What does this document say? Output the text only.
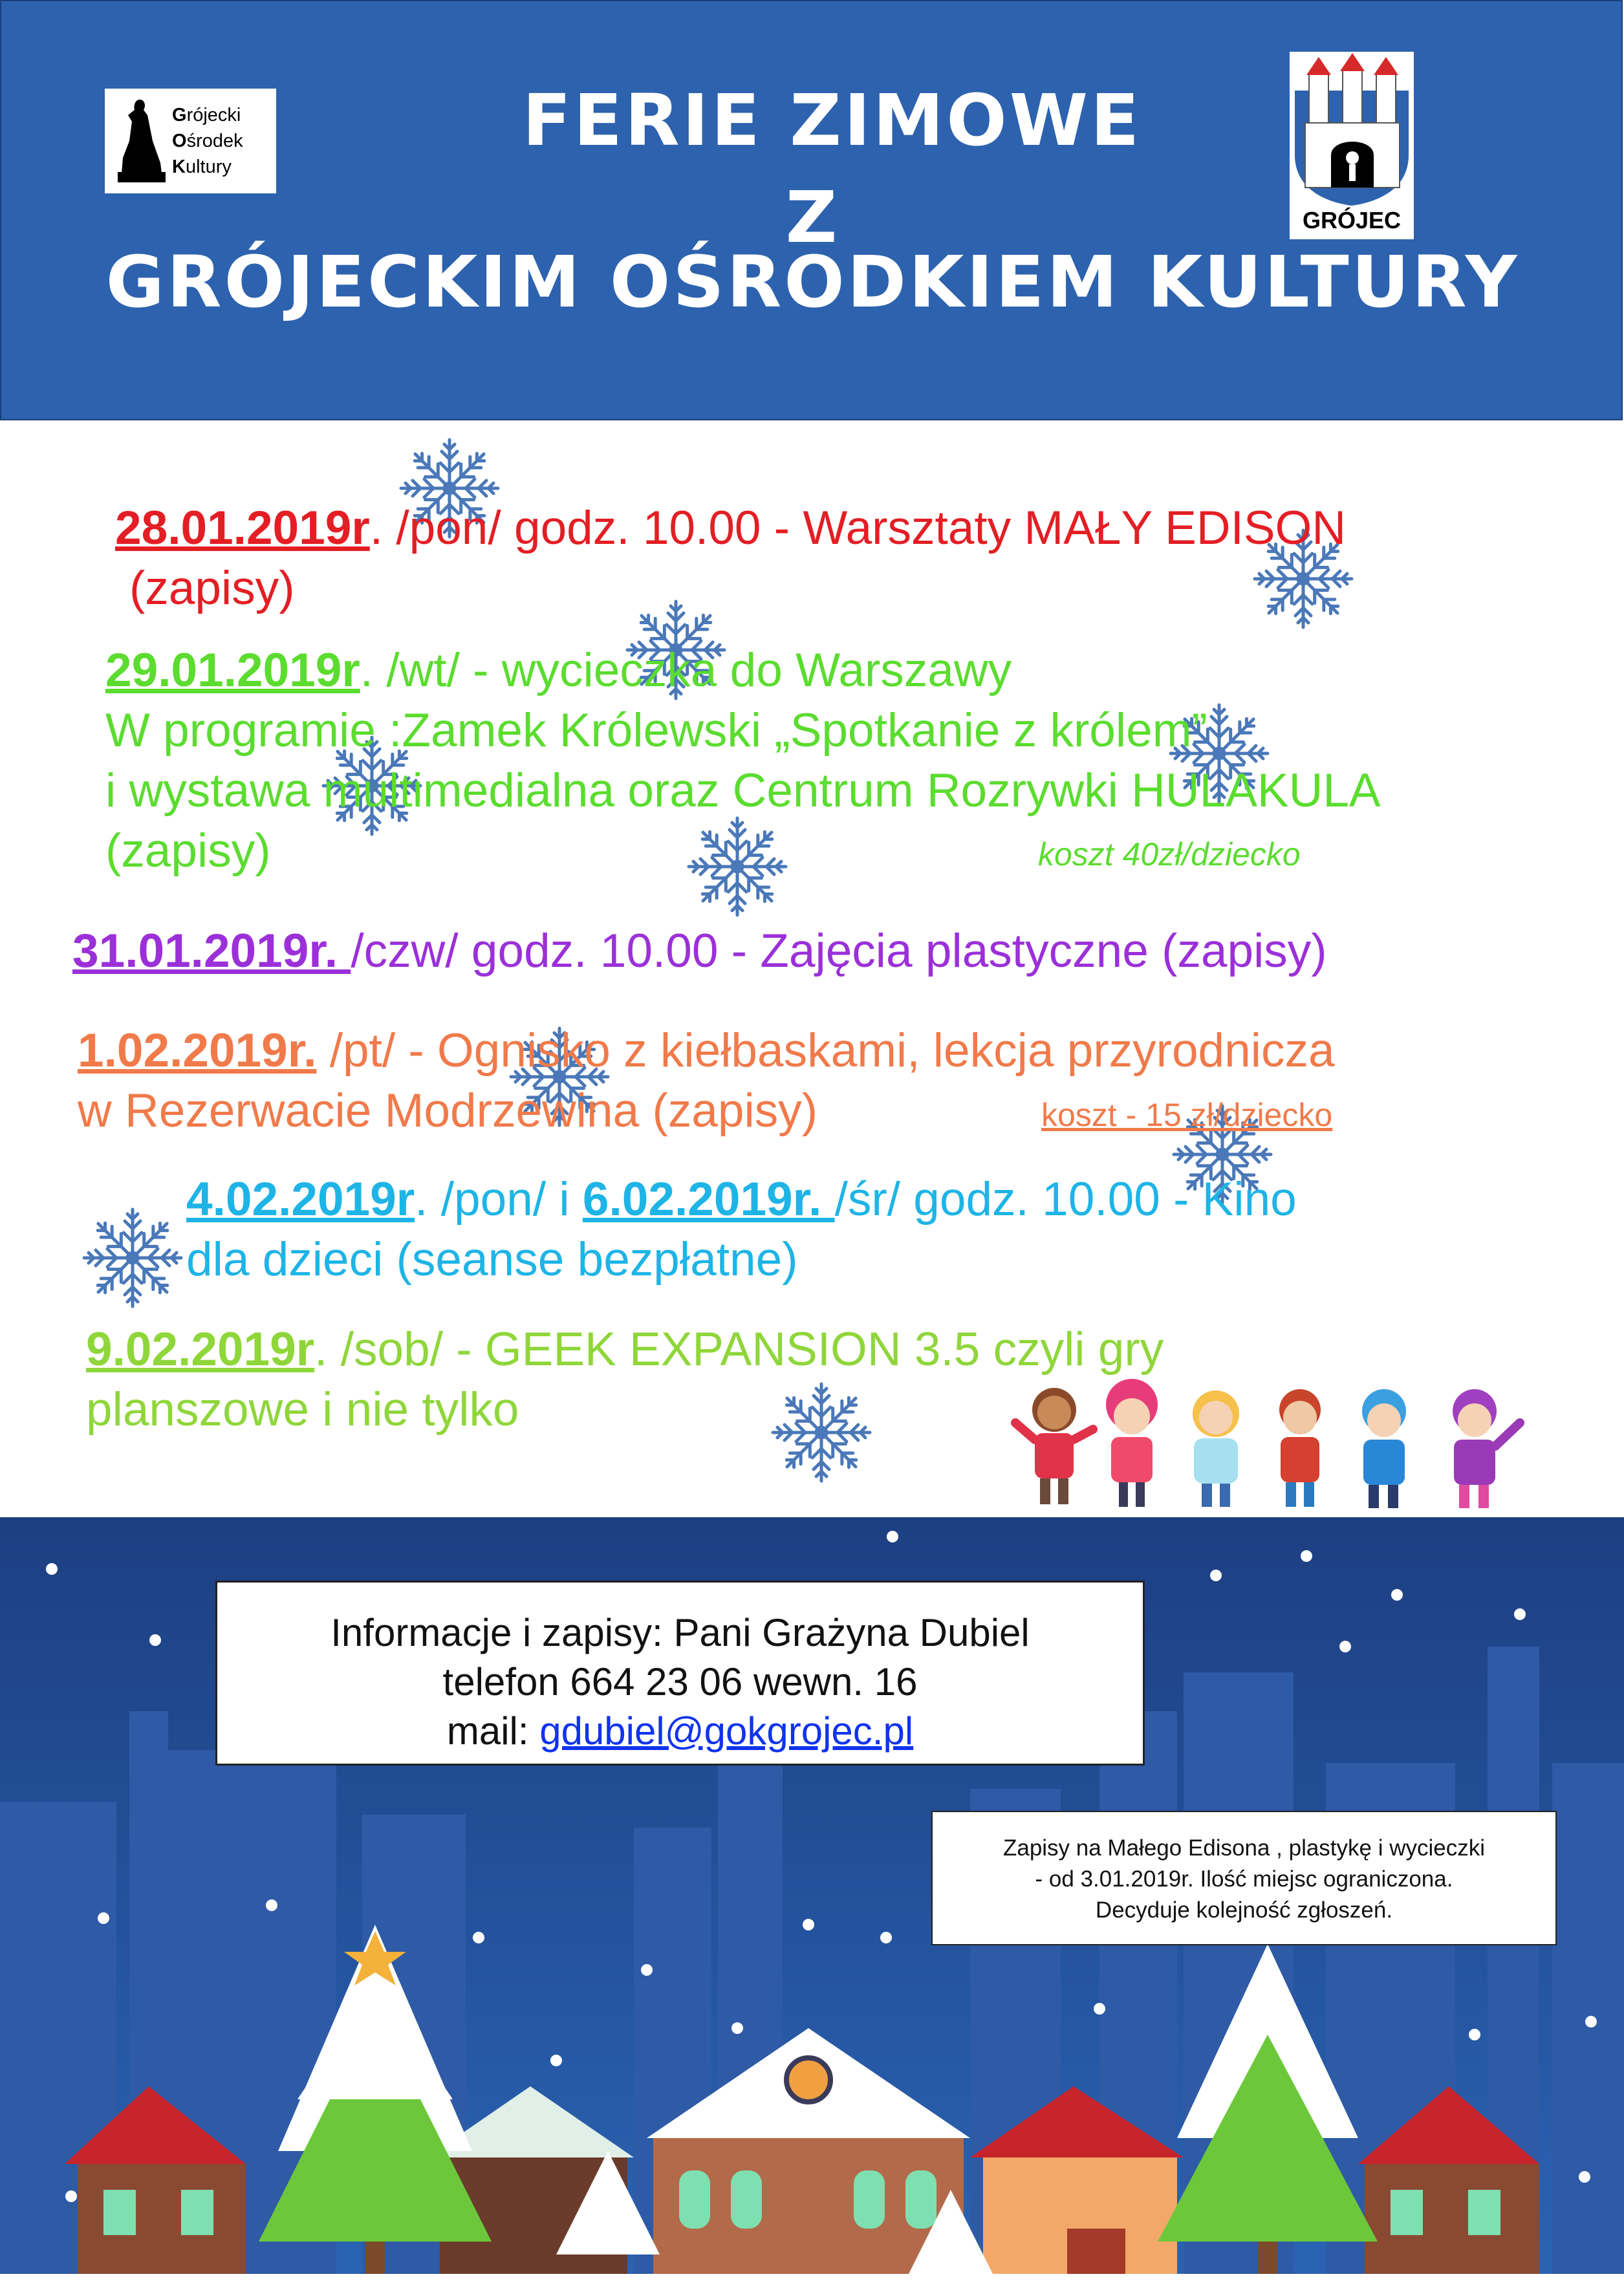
Grójecki
Ośrodek
Kultury
FERIE ZIMOWE
Z
GRÓJECKIM OŚRODKIEM KULTURY
GRÓJEC
28.01.2019r. /pon/ godz. 10.00 - Warsztaty MAŁY EDISON
(zapisy)
29.01.2019r. /wt/ - wycieczka do Warszawy
W programie :Zamek Królewski „Spotkanie z królem”
i wystawa multimedialna oraz Centrum Rozrywki HULAKULA
(zapisy)	koszt 40zł/dziecko
31.01.2019r. /czw/ godz. 10.00 - Zajęcia plastyczne (zapisy)
1.02.2019r. /pt/ - Ognisko z kiełbaskami, lekcja przyrodnicza
w Rezerwacie Modrzewina (zapisy)	koszt - 15 zł/dziecko
4.02.2019r. /pon/ i 6.02.2019r. /śr/ godz. 10.00 - Kino
dla dzieci (seanse bezpłatne)
9.02.2019r. /sob/ - GEEK EXPANSION 3.5 czyli gry
planszowe i nie tylko
Informacje i zapisy: Pani Grażyna Dubiel
telefon 664 23 06 wewn. 16
mail: gdubiel@gokgrojec.pl
Zapisy na Małego Edisona , plastykę i wycieczki
- od 3.01.2019r. Ilość miejsc ograniczona.
Decyduje kolejność zgłoszeń.
